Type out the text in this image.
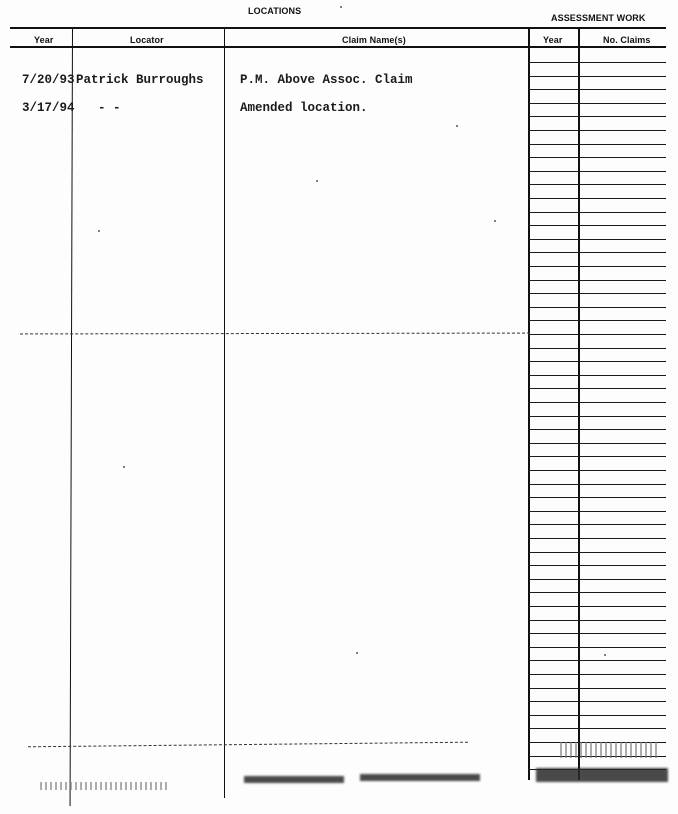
LOCATIONS
ASSESSMENT WORK
Year	Locator	Claim Name(s)	Year	No. Claims
7/20/93 Patrick Burroughs	P.M. Above Assoc. Claim
3/17/94 - -	Amended location.
